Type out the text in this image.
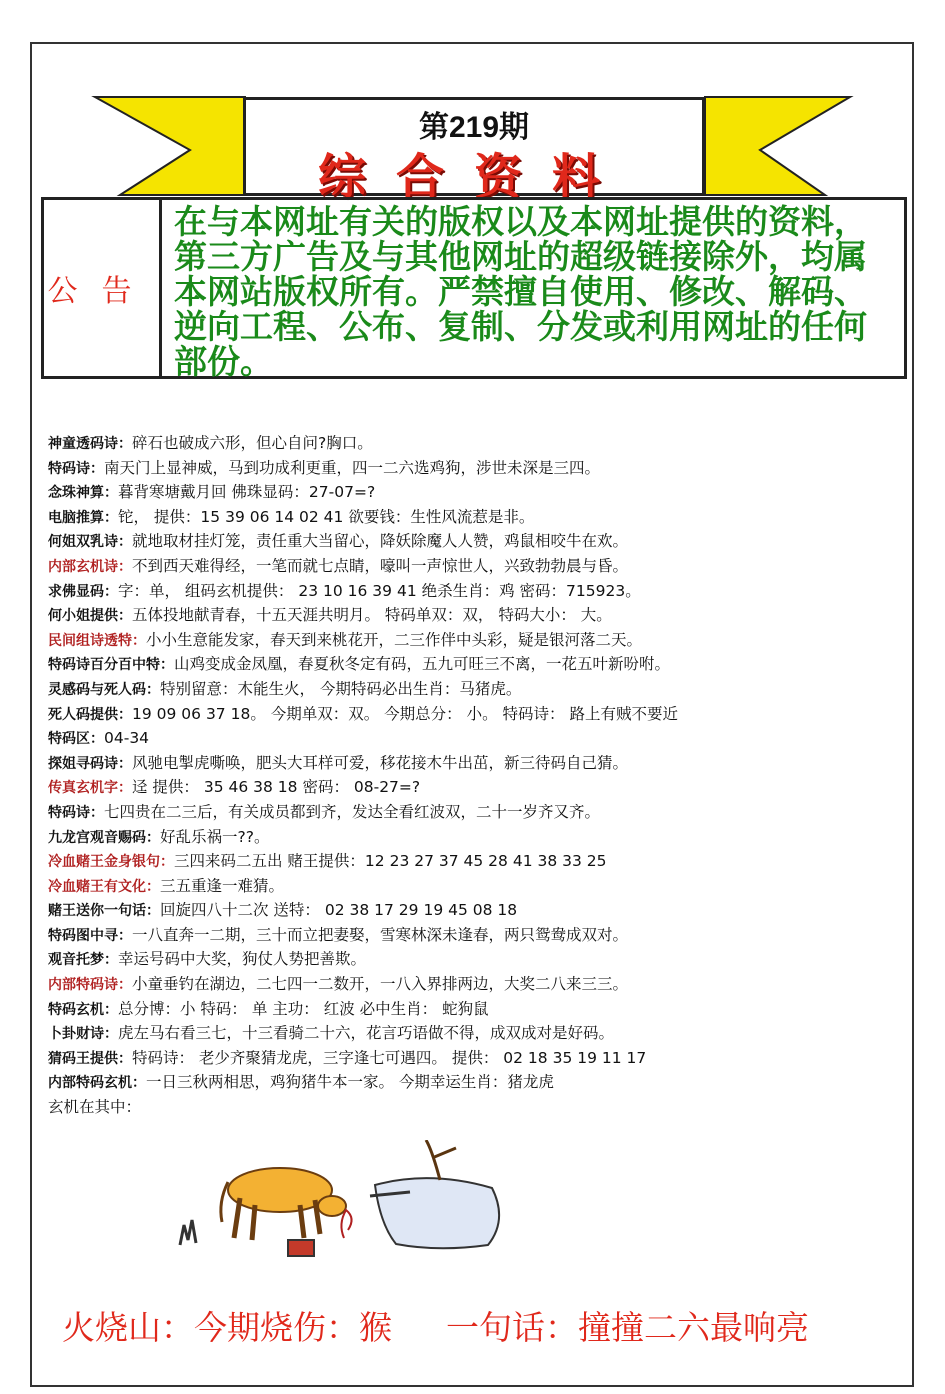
第219期
综合资料
公告
在与本网址有关的版权以及本网址提供的资料，第三方广告及与其他网址的超级链接除外，均属本网站版权所有。严禁擅自使用、修改、解码、逆向工程、公布、复制、分发或利用网址的任何部份。
神童透码诗：碎石也破成六形，但心自问?胸口。
特码诗：南天门上显神威，马到功成利更重，四一二六选鸡狗，涉世未深是三四。
念珠神算：暮背寒塘戴月回 佛珠显码：27-07=?
电脑推算：铊， 提供：15 39 06 14 02 41 欲要钱：生性风流惹是非。
何姐双乳诗：就地取材挂灯笼，责任重大当留心，降妖除魔人人赞，鸡鼠相咬牛在欢。
内部玄机诗：不到西天难得经，一笔而就七点睛，嚎叫一声惊世人，兴致勃勃晨与昏。
求佛显码：字：单， 组码玄机提供： 23 10 16 39 41 绝杀生肖：鸡 密码：715923。
何小姐提供：五体投地献青春，十五天涯共明月。 特码单双：双， 特码大小： 大。
民间组诗透特：小小生意能发家，春天到来桃花开，二三作伴中头彩，疑是银河落二天。
特码诗百分百中特：山鸡变成金凤凰，春夏秋冬定有码，五九可旺三不离，一花五叶新吩咐。
灵感码与死人码：特别留意：木能生火， 今期特码必出生肖：马猪虎。
死人码提供：19 09 06 37 18。 今期单双：双。 今期总分： 小。 特码诗： 路上有贼不要近
特码区：04-34
探姐寻码诗：风驰电掣虎嘶唤，肥头大耳样可爱，移花接木牛出茁，新三待码自己猜。
传真玄机字：迳 提供： 35 46 38 18 密码： 08-27=?
特码诗：七四贵在二三后，有关成员都到齐，发达全看红波双，二十一岁齐又齐。
九龙宫观音赐码：好乱乐祸一??。
冷血赌王金身银句：三四来码二五出 赌王提供：12 23 27 37 45 28 41 38 33 25
冷血赌王有文化：三五重逢一难猜。
赌王送你一句话：回旋四八十二次 送特： 02 38 17 29 19 45 08 18
特码图中寻：一八直奔一二期，三十而立把妻娶，雪寒林深未逢春，两只鸳鸯成双对。
观音托梦：幸运号码中大奖，狗仗人势把善欺。
内部特码诗：小童垂钓在湖边，二七四一二数开，一八入界排两边，大奖二八来三三。
特码玄机：总分博：小 特码： 单 主功： 红波 必中生肖： 蛇狗鼠
卜卦财诗：虎左马右看三七，十三看骑二十六，花言巧语做不得，成双成对是好码。
猜码王提供：特码诗： 老少齐聚猜龙虎，三字逢七可遇四。 提供： 02 18 35 19 11 17
内部特码玄机：一日三秋两相思，鸡狗猪牛本一家。 今期幸运生肖：猪龙虎
玄机在其中：
火烧山：今期烧伤：猴 一句话：撞撞二六最响亮
